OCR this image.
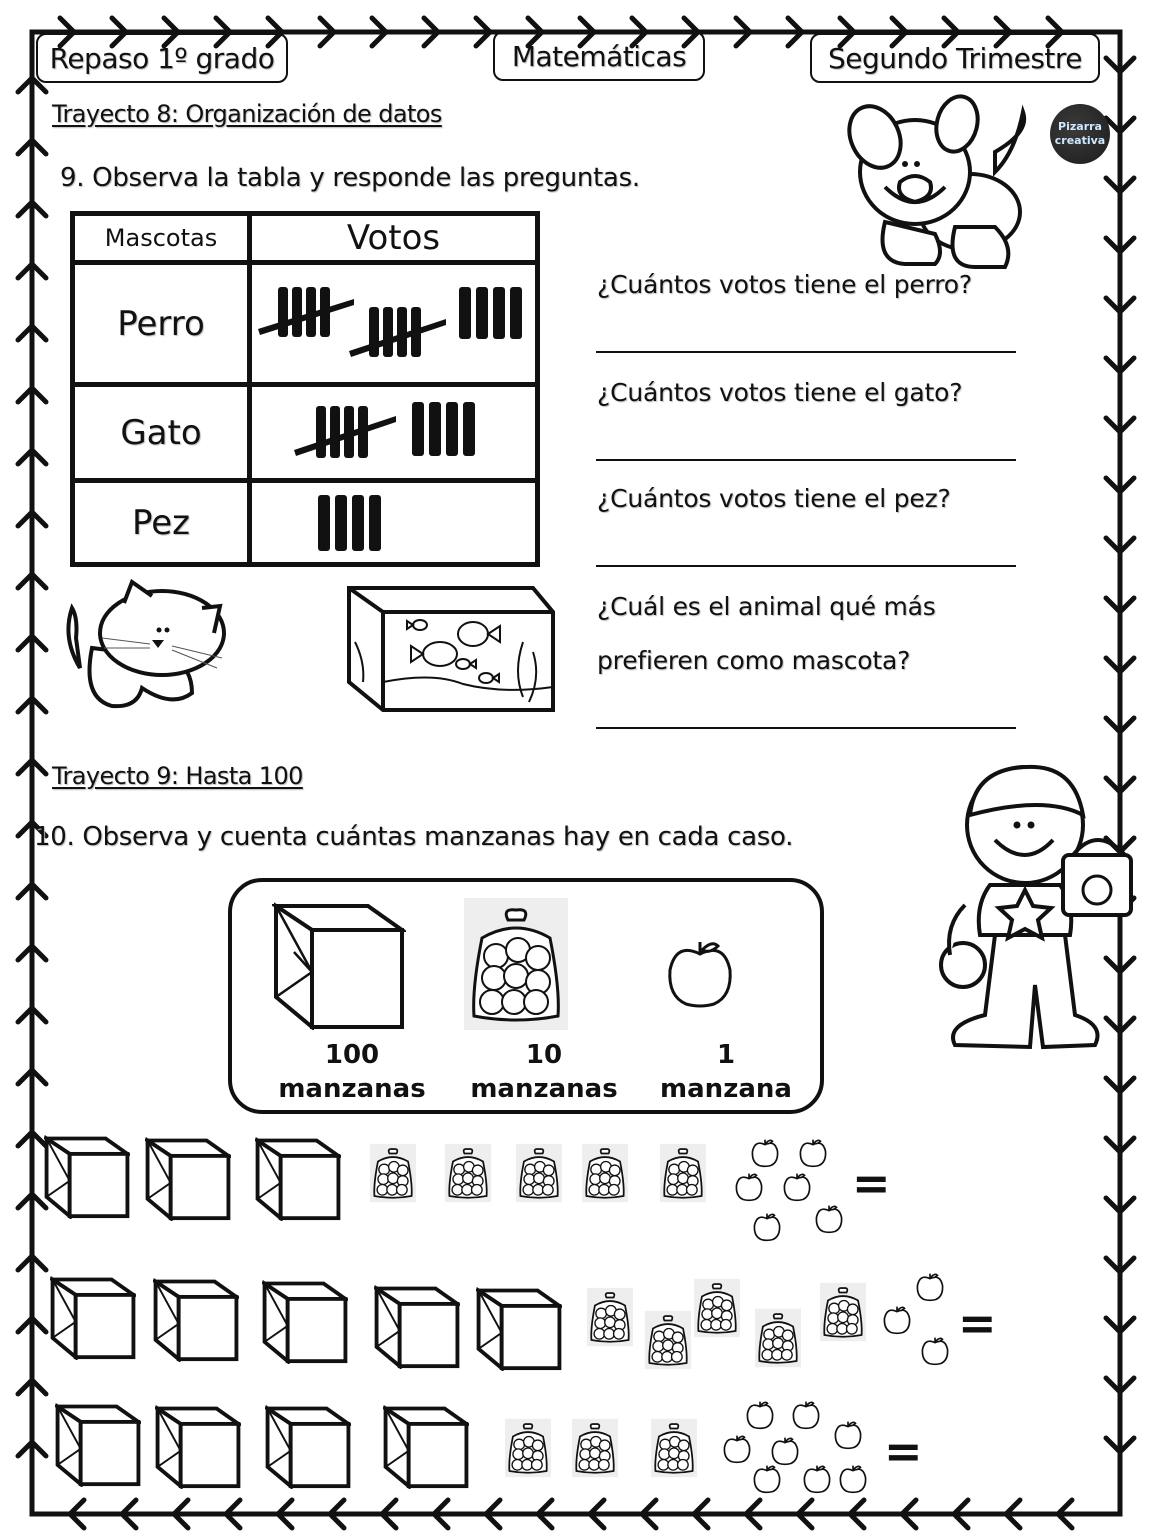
Repaso 1º grado	Matemáticas	Segundo Trimestre
Pizarra
creativa
Trayecto 8: Organización de datos
9. Observa la tabla y responde las preguntas.
Mascotas	Votos
Perro	

Gato	

Pez	
¿Cuántos votos tiene el perro?
¿Cuántos votos tiene el gato?
¿Cuántos votos tiene el pez?
¿Cuál es el animal qué más
prefieren como mascota?
Trayecto 9: Hasta 100
10. Observa y cuenta cuántas manzanas hay en cada caso.
100
manzanas
10
manzanas
1
manzana
=
=
=
